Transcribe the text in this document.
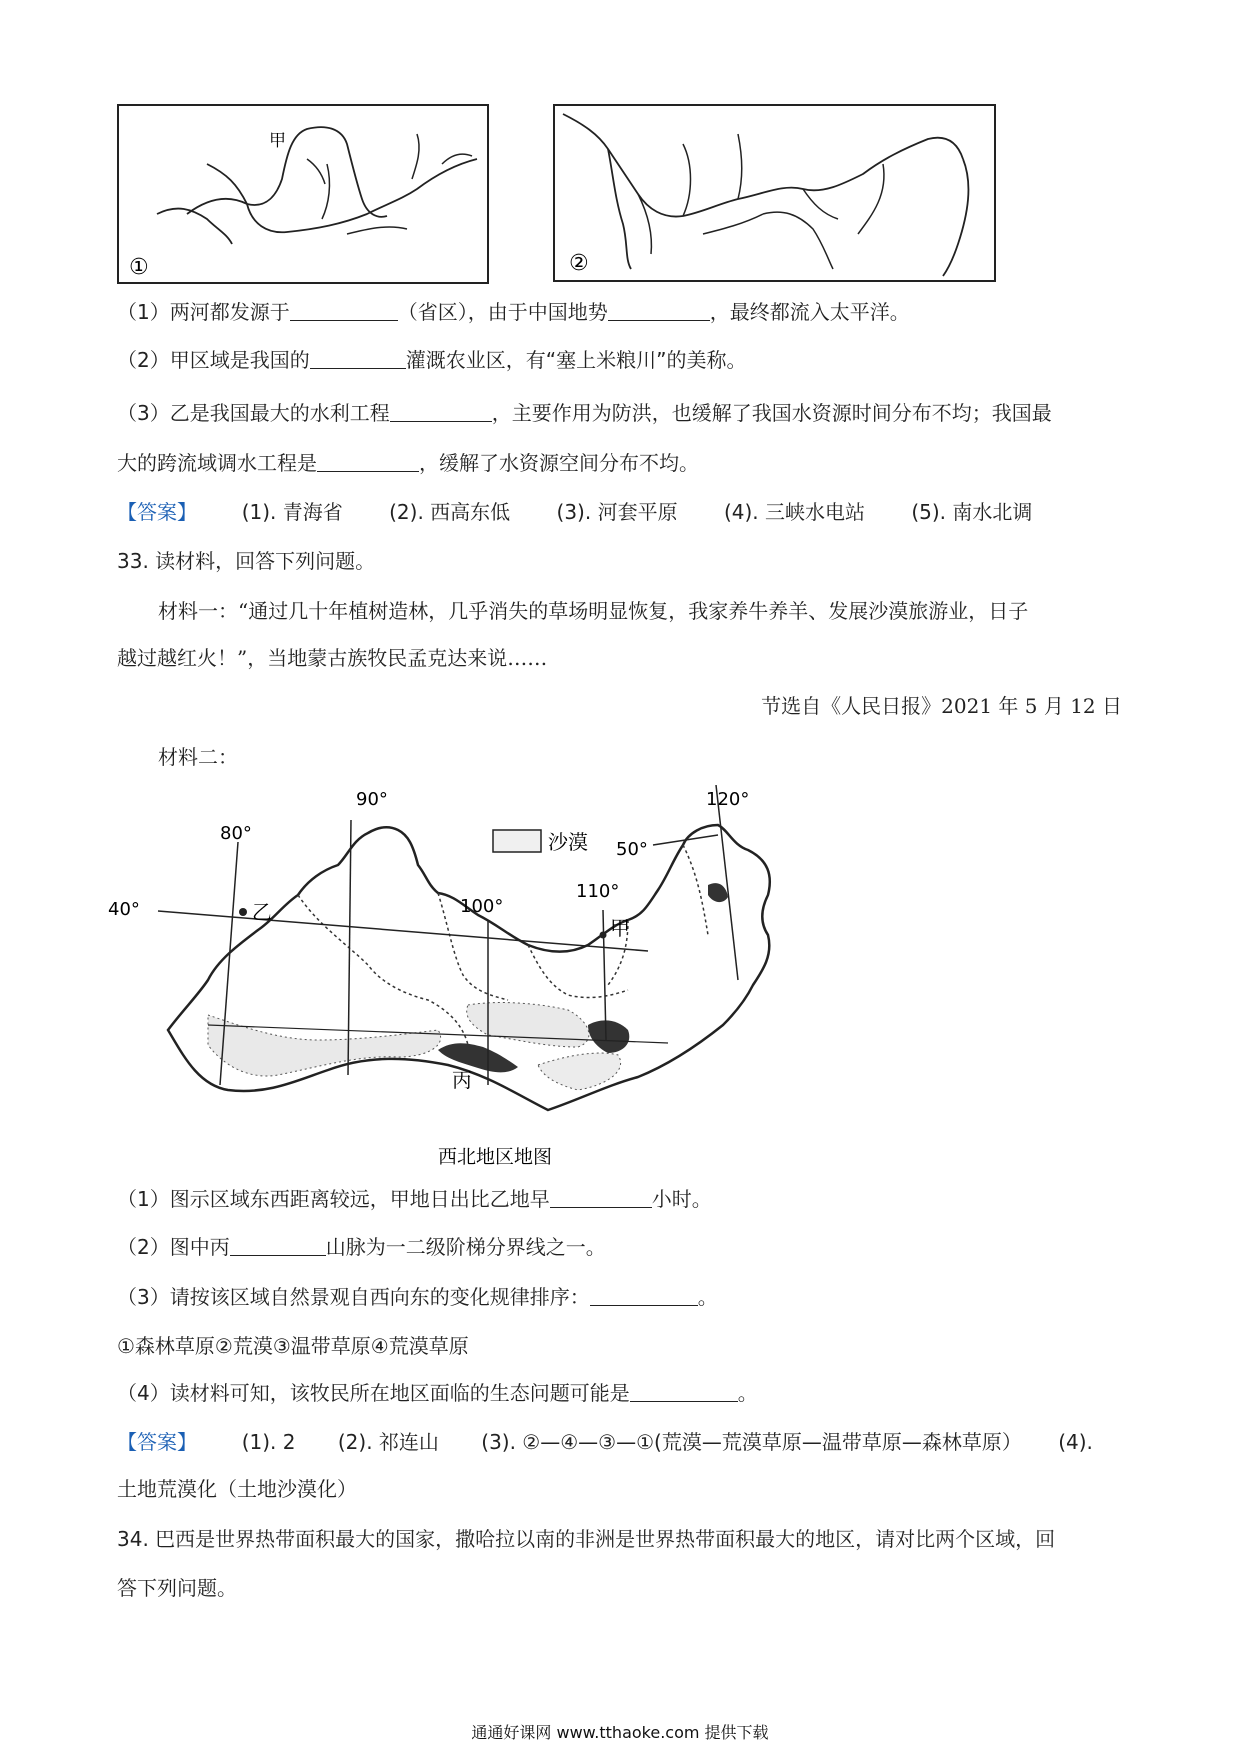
甲
①	②
（1）两河都发源于	（省区），由于中国地势	，最终都流入太平洋。
（2）甲区域是我国的	灌溉农业区，有“塞上米粮川”的美称。
（3）乙是我国最大的水利工程	，主要作用为防洪，也缓解了我国水资源时间分布不均；我国最
大的跨流域调水工程是	，缓解了水资源空间分布不均。
【答案】 (1). 青海省 (2). 西高东低 (3). 河套平原 (4). 三峡水电站 (5). 南水北调
33. 读材料，回答下列问题。
材料一：“通过几十年植树造林，几乎消失的草场明显恢复，我家养牛养羊、发展沙漠旅游业，日子
越过越红火！”，当地蒙古族牧民孟克达来说……
节选自《人民日报》2021 年 5 月 12 日
材料二：
沙漠
120°
50°
90°
80°
100°
110°
40°	乙
甲
丙
西北地区地图
（1）图示区域东西距离较远，甲地日出比乙地早	小时。
（2）图中丙	山脉为一二级阶梯分界线之一。
（3）请按该区域自然景观自西向东的变化规律排序：	。
①森林草原②荒漠③温带草原④荒漠草原
（4）读材料可知，该牧民所在地区面临的生态问题可能是	。
【答案】 (1). 2 (2). 祁连山 (3). ②—④—③—①(荒漠—荒漠草原—温带草原—森林草原） (4).
土地荒漠化（土地沙漠化）
34. 巴西是世界热带面积最大的国家，撒哈拉以南的非洲是世界热带面积最大的地区，请对比两个区域，回
答下列问题。
通通好课网 www.tthaoke.com 提供下载
